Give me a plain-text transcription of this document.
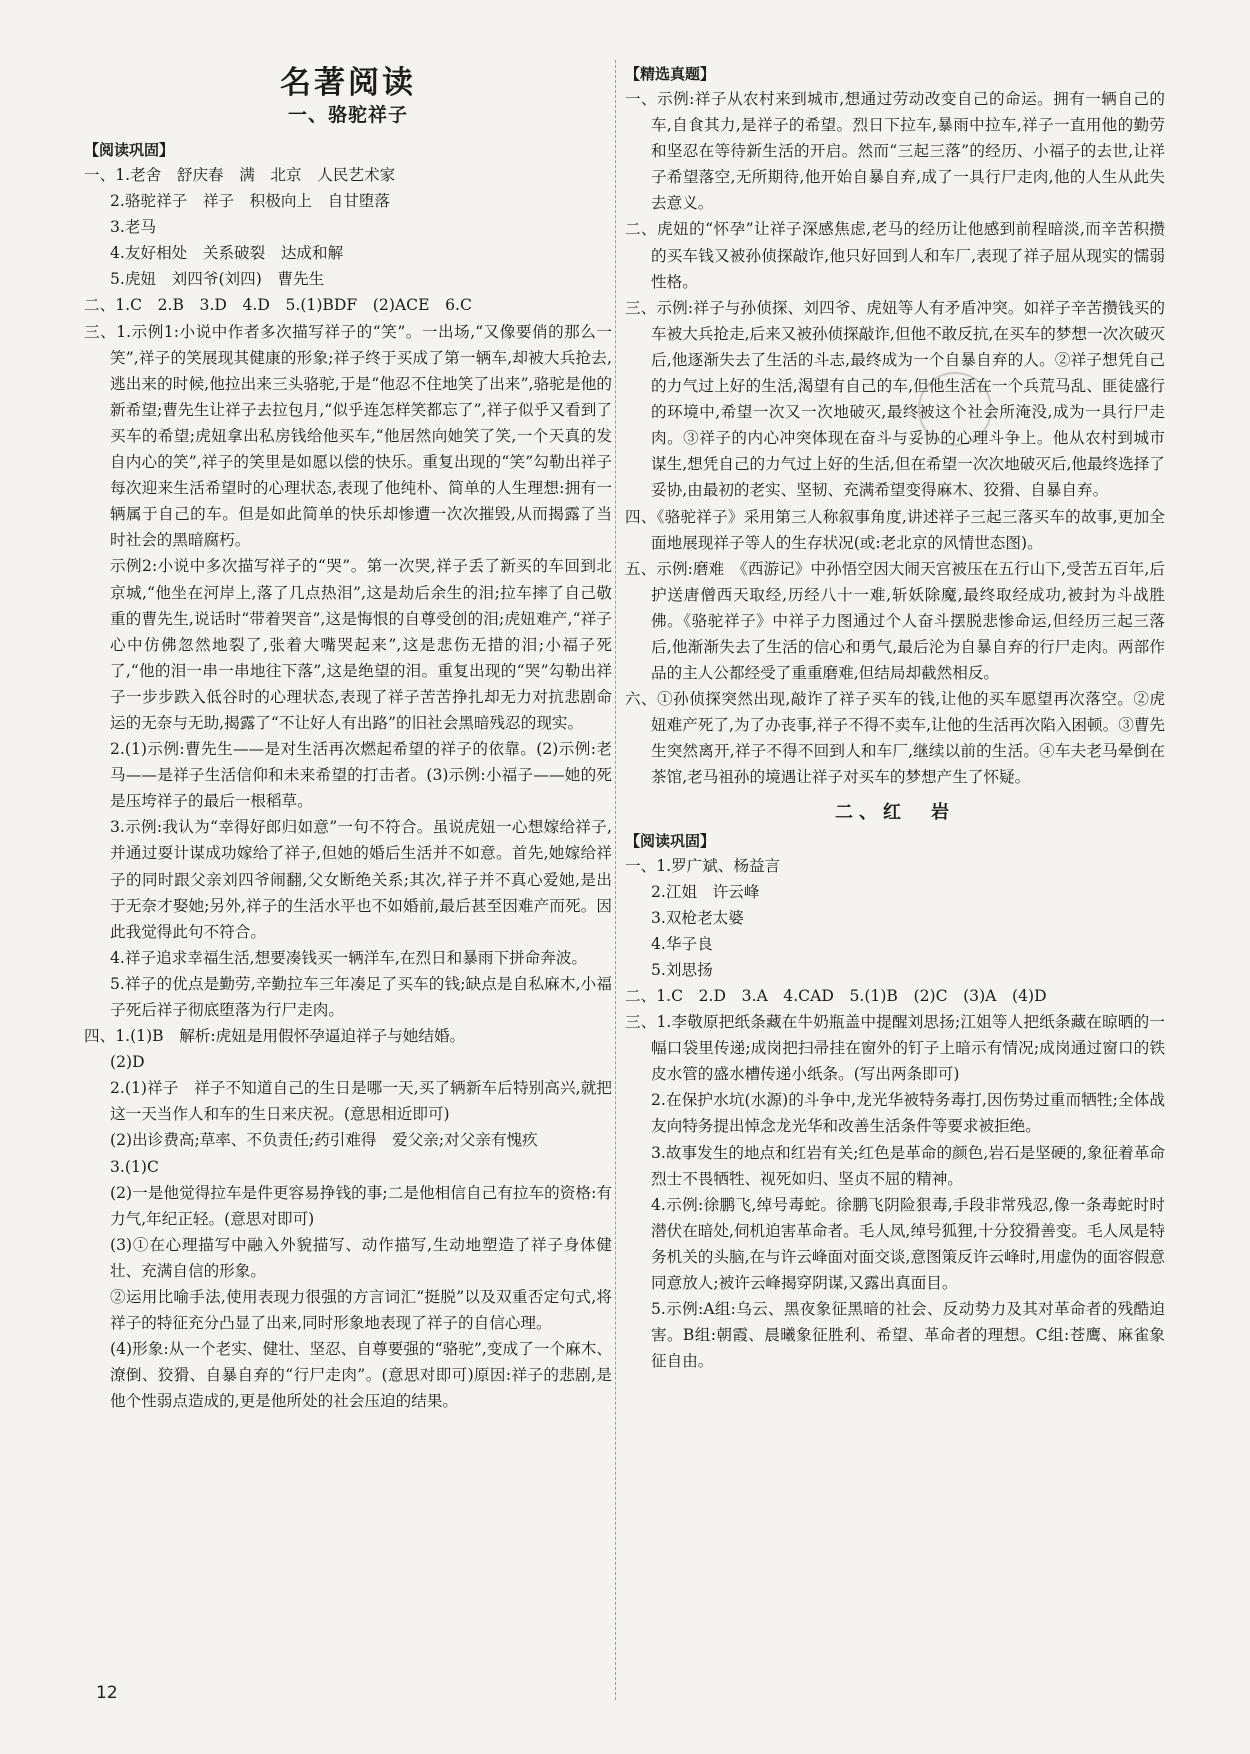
名著阅读
一、骆驼祥子
【阅读巩固】

一、1.老舍　舒庆春　满　北京　人民艺术家

2.骆驼祥子　祥子　积极向上　自甘堕落

3.老马

4.友好相处　关系破裂　达成和解

5.虎妞　刘四爷(刘四)　曹先生

二、1.C　2.B　3.D　4.D　5.(1)BDF　(2)ACE　6.C

三、1.示例1:小说中作者多次描写祥子的“笑”。一出场,“又像要俏的那么一笑”,祥子的笑展现其健康的形象;祥子终于买成了第一辆车,却被大兵抢去,逃出来的时候,他拉出来三头骆驼,于是“他忍不住地笑了出来”,骆驼是他的新希望;曹先生让祥子去拉包月,“似乎连怎样笑都忘了”,祥子似乎又看到了买车的希望;虎妞拿出私房钱给他买车,“他居然向她笑了笑,一个天真的发自内心的笑”,祥子的笑里是如愿以偿的快乐。重复出现的“笑”勾勒出祥子每次迎来生活希望时的心理状态,表现了他纯朴、简单的人生理想:拥有一辆属于自己的车。但是如此简单的快乐却惨遭一次次摧毁,从而揭露了当时社会的黑暗腐朽。

示例2:小说中多次描写祥子的“哭”。第一次哭,祥子丢了新买的车回到北京城,“他坐在河岸上,落了几点热泪”,这是劫后余生的泪;拉车摔了自己敬重的曹先生,说话时“带着哭音”,这是悔恨的自尊受创的泪;虎妞难产,“祥子心中仿佛忽然地裂了,张着大嘴哭起来”,这是悲伤无措的泪;小福子死了,“他的泪一串一串地往下落”,这是绝望的泪。重复出现的“哭”勾勒出祥子一步步跌入低谷时的心理状态,表现了祥子苦苦挣扎却无力对抗悲剧命运的无奈与无助,揭露了“不让好人有出路”的旧社会黑暗残忍的现实。

2.(1)示例:曹先生——是对生活再次燃起希望的祥子的依靠。(2)示例:老马——是祥子生活信仰和未来希望的打击者。(3)示例:小福子——她的死是压垮祥子的最后一根稻草。

3.示例:我认为“幸得好郎归如意”一句不符合。虽说虎妞一心想嫁给祥子,并通过耍计谋成功嫁给了祥子,但她的婚后生活并不如意。首先,她嫁给祥子的同时跟父亲刘四爷闹翻,父女断绝关系;其次,祥子并不真心爱她,是出于无奈才娶她;另外,祥子的生活水平也不如婚前,最后甚至因难产而死。因此我觉得此句不符合。

4.祥子追求幸福生活,想要凑钱买一辆洋车,在烈日和暴雨下拼命奔波。

5.祥子的优点是勤劳,辛勤拉车三年凑足了买车的钱;缺点是自私麻木,小福子死后祥子彻底堕落为行尸走肉。

四、1.(1)B　解析:虎妞是用假怀孕逼迫祥子与她结婚。

(2)D

2.(1)祥子　祥子不知道自己的生日是哪一天,买了辆新车后特别高兴,就把这一天当作人和车的生日来庆祝。(意思相近即可)

(2)出诊费高;草率、不负责任;药引难得　爱父亲;对父亲有愧疚

3.(1)C

(2)一是他觉得拉车是件更容易挣钱的事;二是他相信自己有拉车的资格:有力气,年纪正轻。(意思对即可)

(3)①在心理描写中融入外貌描写、动作描写,生动地塑造了祥子身体健壮、充满自信的形象。

②运用比喻手法,使用表现力很强的方言词汇“挺脱”以及双重否定句式,将祥子的特征充分凸显了出来,同时形象地表现了祥子的自信心理。

(4)形象:从一个老实、健壮、坚忍、自尊要强的“骆驼”,变成了一个麻木、潦倒、狡猾、自暴自弃的“行尸走肉”。(意思对即可)原因:祥子的悲剧,是他个性弱点造成的,更是他所处的社会压迫的结果。

【精选真题】

一、示例:祥子从农村来到城市,想通过劳动改变自己的命运。拥有一辆自己的车,自食其力,是祥子的希望。烈日下拉车,暴雨中拉车,祥子一直用他的勤劳和坚忍在等待新生活的开启。然而“三起三落”的经历、小福子的去世,让祥子希望落空,无所期待,他开始自暴自弃,成了一具行尸走肉,他的人生从此失去意义。

二、虎妞的“怀孕”让祥子深感焦虑,老马的经历让他感到前程暗淡,而辛苦积攒的买车钱又被孙侦探敲诈,他只好回到人和车厂,表现了祥子屈从现实的懦弱性格。

三、示例:祥子与孙侦探、刘四爷、虎妞等人有矛盾冲突。如祥子辛苦攒钱买的车被大兵抢走,后来又被孙侦探敲诈,但他不敢反抗,在买车的梦想一次次破灭后,他逐渐失去了生活的斗志,最终成为一个自暴自弃的人。②祥子想凭自己的力气过上好的生活,渴望有自己的车,但他生活在一个兵荒马乱、匪徒盛行的环境中,希望一次又一次地破灭,最终被这个社会所淹没,成为一具行尸走肉。③祥子的内心冲突体现在奋斗与妥协的心理斗争上。他从农村到城市谋生,想凭自己的力气过上好的生活,但在希望一次次地破灭后,他最终选择了妥协,由最初的老实、坚韧、充满希望变得麻木、狡猾、自暴自弃。

四、《骆驼祥子》采用第三人称叙事角度,讲述祥子三起三落买车的故事,更加全面地展现祥子等人的生存状况(或:老北京的风情世态图)。

五、示例:磨难　《西游记》中孙悟空因大闹天宫被压在五行山下,受苦五百年,后护送唐僧西天取经,历经八十一难,斩妖除魔,最终取经成功,被封为斗战胜佛。《骆驼祥子》中祥子力图通过个人奋斗摆脱悲惨命运,但经历三起三落后,他渐渐失去了生活的信心和勇气,最后沦为自暴自弃的行尸走肉。两部作品的主人公都经受了重重磨难,但结局却截然相反。

六、①孙侦探突然出现,敲诈了祥子买车的钱,让他的买车愿望再次落空。②虎妞难产死了,为了办丧事,祥子不得不卖车,让他的生活再次陷入困顿。③曹先生突然离开,祥子不得不回到人和车厂,继续以前的生活。④车夫老马晕倒在茶馆,老马祖孙的境遇让祥子对买车的梦想产生了怀疑。

二、红　岩
【阅读巩固】

一、1.罗广斌、杨益言

2.江姐　许云峰

3.双枪老太婆

4.华子良

5.刘思扬

二、1.C　2.D　3.A　4.CAD　5.(1)B　(2)C　(3)A　(4)D

三、1.李敬原把纸条藏在牛奶瓶盖中提醒刘思扬;江姐等人把纸条藏在晾晒的一幅口袋里传递;成岗把扫帚挂在窗外的钉子上暗示有情况;成岗通过窗口的铁皮水管的盛水槽传递小纸条。(写出两条即可)

2.在保护水坑(水源)的斗争中,龙光华被特务毒打,因伤势过重而牺牲;全体战友向特务提出悼念龙光华和改善生活条件等要求被拒绝。

3.故事发生的地点和红岩有关;红色是革命的颜色,岩石是坚硬的,象征着革命烈士不畏牺牲、视死如归、坚贞不屈的精神。

4.示例:徐鹏飞,绰号毒蛇。徐鹏飞阴险狠毒,手段非常残忍,像一条毒蛇时时潜伏在暗处,伺机迫害革命者。毛人凤,绰号狐狸,十分狡猾善变。毛人凤是特务机关的头脑,在与许云峰面对面交谈,意图策反许云峰时,用虚伪的面容假意同意放人;被许云峰揭穿阴谋,又露出真面目。

5.示例:A组:乌云、黑夜象征黑暗的社会、反动势力及其对革命者的残酷迫害。B组:朝霞、晨曦象征胜利、希望、革命者的理想。C组:苍鹰、麻雀象征自由。

12
